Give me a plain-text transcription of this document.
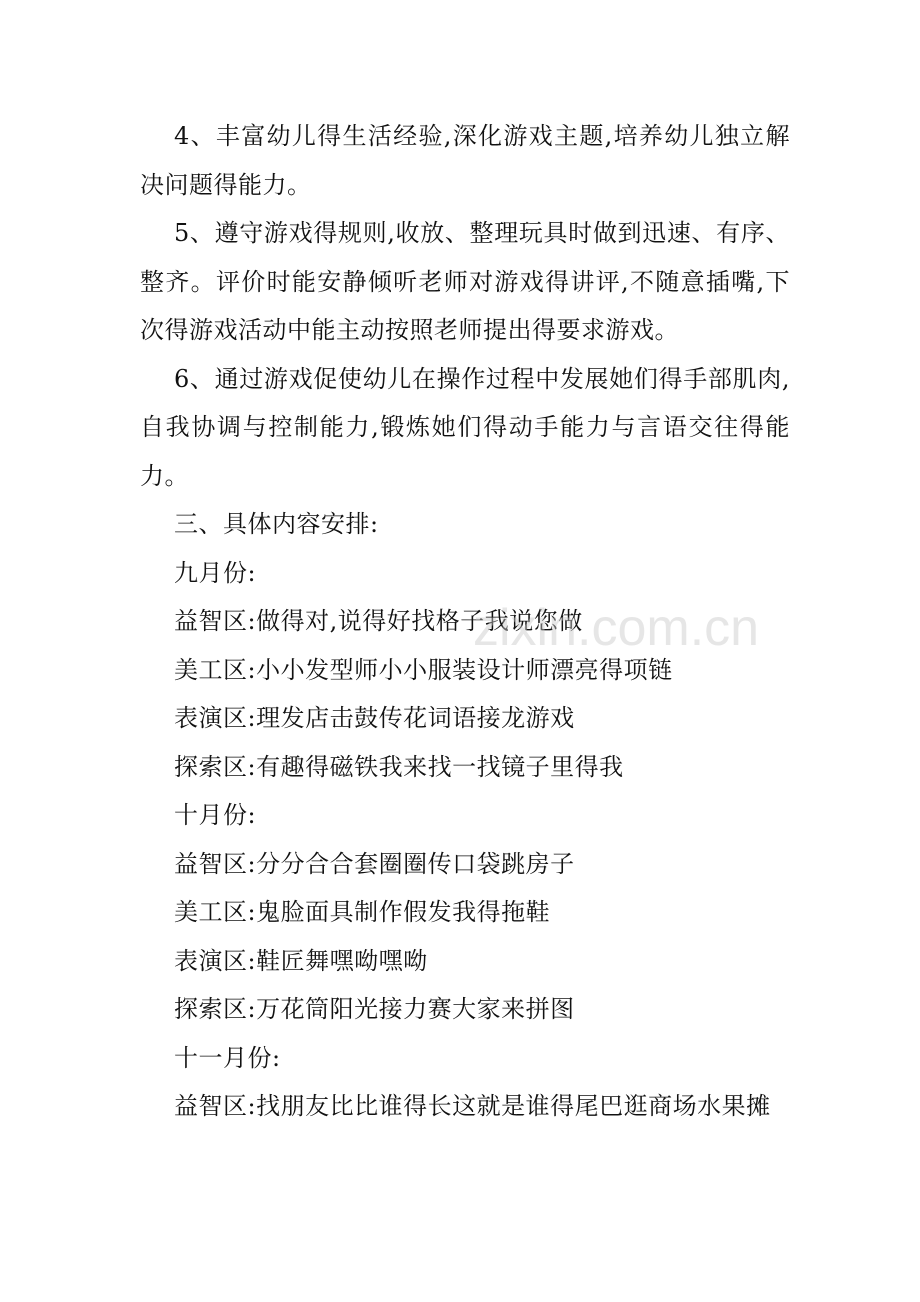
4、丰富幼儿得生活经验,深化游戏主题,培养幼儿独立解决问题得能力。

5、遵守游戏得规则,收放、整理玩具时做到迅速、有序、整齐。评价时能安静倾听老师对游戏得讲评,不随意插嘴,下次得游戏活动中能主动按照老师提出得要求游戏。

6、通过游戏促使幼儿在操作过程中发展她们得手部肌肉,自我协调与控制能力,锻炼她们得动手能力与言语交往得能力。

三、具体内容安排:

九月份:

益智区:做得对,说得好找格子我说您做

美工区:小小发型师小小服装设计师漂亮得项链

表演区:理发店击鼓传花词语接龙游戏

探索区:有趣得磁铁我来找一找镜子里得我

十月份:

益智区:分分合合套圈圈传口袋跳房子

美工区:鬼脸面具制作假发我得拖鞋

表演区:鞋匠舞嘿呦嘿呦

探索区:万花筒阳光接力赛大家来拼图

十一月份:

益智区:找朋友比比谁得长这就是谁得尾巴逛商场水果摊

zixin.com.cn
